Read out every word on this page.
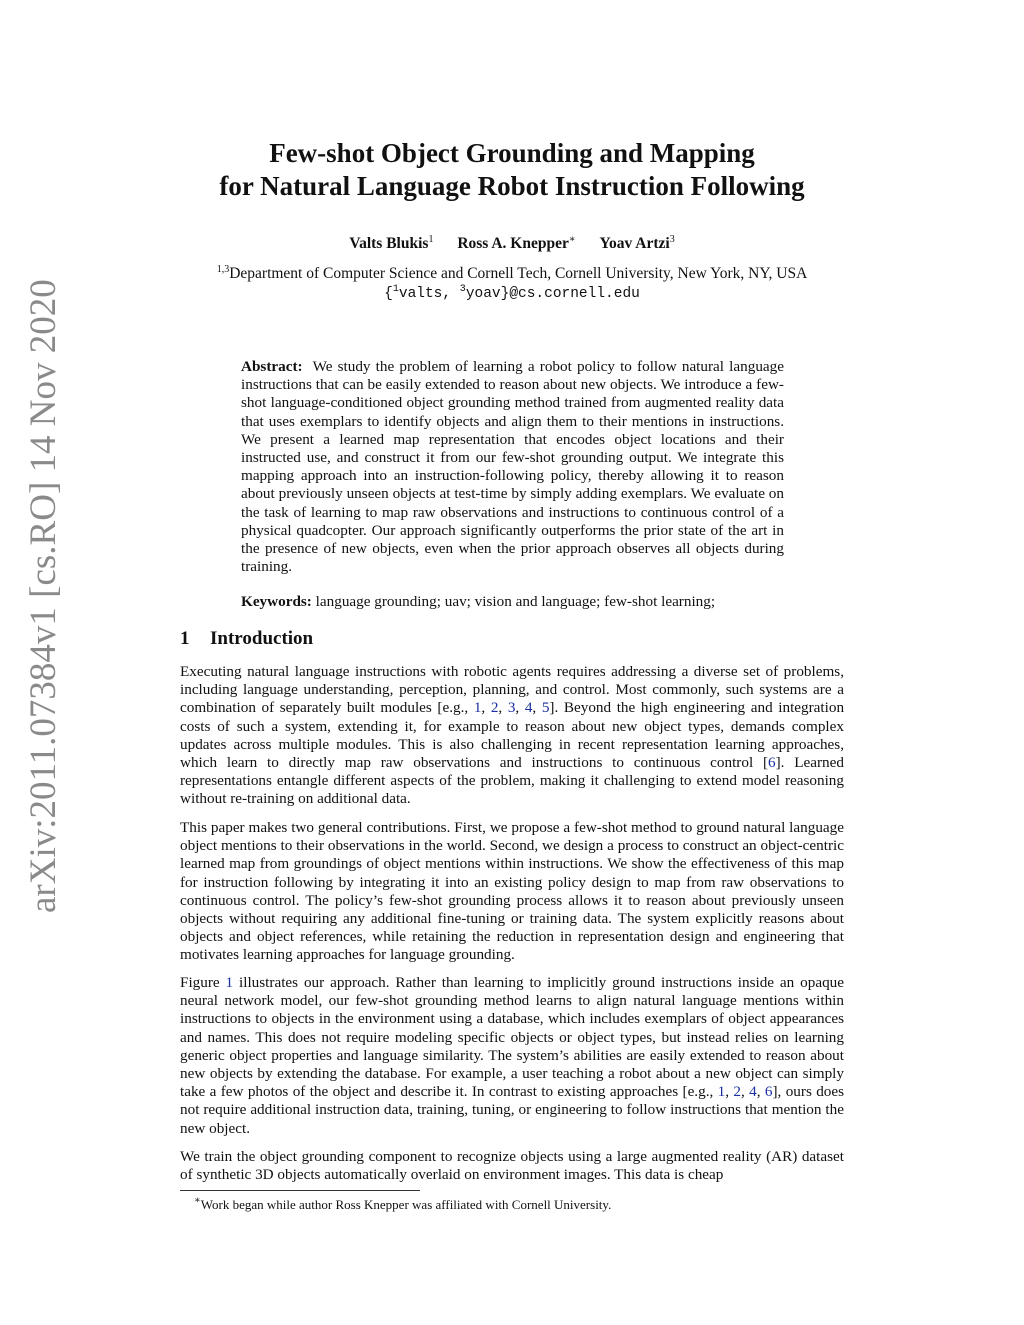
arXiv:2011.07384v1 [cs.RO] 14 Nov 2020
Few-shot Object Grounding and Mapping
for Natural Language Robot Instruction Following
Valts Blukis$^1$ Ross A. Knepper∗ Yoav Artzi$^3$
$^{1,3}$Department of Computer Science and Cornell Tech, Cornell University, New York, NY, USA
{$^1$valts, $^3$yoav}@cs.cornell.edu
Abstract: We study the problem of learning a robot policy to follow natural language instructions that can be easily extended to reason about new objects. We introduce a few-shot language-conditioned object grounding method trained from augmented reality data that uses exemplars to identify objects and align them to their mentions in instructions. We present a learned map representation that encodes object locations and their instructed use, and construct it from our few-shot grounding output. We integrate this mapping approach into an instruction-following policy, thereby allowing it to reason about previously unseen objects at test-time by simply adding exemplars. We evaluate on the task of learning to map raw observations and instructions to continuous control of a physical quadcopter. Our approach significantly outperforms the prior state of the art in the presence of new objects, even when the prior approach observes all objects during training.
Keywords: language grounding; uav; vision and language; few-shot learning;
1 Introduction
Executing natural language instructions with robotic agents requires addressing a diverse set of problems, including language understanding, perception, planning, and control. Most commonly, such systems are a combination of separately built modules [e.g., 1, 2, 3, 4, 5]. Beyond the high engineering and integration costs of such a system, extending it, for example to reason about new object types, demands complex updates across multiple modules. This is also challenging in recent representation learning approaches, which learn to directly map raw observations and instructions to continuous control [6]. Learned representations entangle different aspects of the problem, making it challenging to extend model reasoning without re-training on additional data.
This paper makes two general contributions. First, we propose a few-shot method to ground natural language object mentions to their observations in the world. Second, we design a process to construct an object-centric learned map from groundings of object mentions within instructions. We show the effectiveness of this map for instruction following by integrating it into an existing policy design to map from raw observations to continuous control. The policy’s few-shot grounding process allows it to reason about previously unseen objects without requiring any additional fine-tuning or training data. The system explicitly reasons about objects and object references, while retaining the reduction in representation design and engineering that motivates learning approaches for language grounding.
Figure 1 illustrates our approach. Rather than learning to implicitly ground instructions inside an opaque neural network model, our few-shot grounding method learns to align natural language mentions within instructions to objects in the environment using a database, which includes exemplars of object appearances and names. This does not require modeling specific objects or object types, but instead relies on learning generic object properties and language similarity. The system’s abilities are easily extended to reason about new objects by extending the database. For example, a user teaching a robot about a new object can simply take a few photos of the object and describe it. In contrast to existing approaches [e.g., 1, 2, 4, 6], ours does not require additional instruction data, training, tuning, or engineering to follow instructions that mention the new object.
We train the object grounding component to recognize objects using a large augmented reality (AR) dataset of synthetic 3D objects automatically overlaid on environment images. This data is cheap
∗Work began while author Ross Knepper was affiliated with Cornell University.
